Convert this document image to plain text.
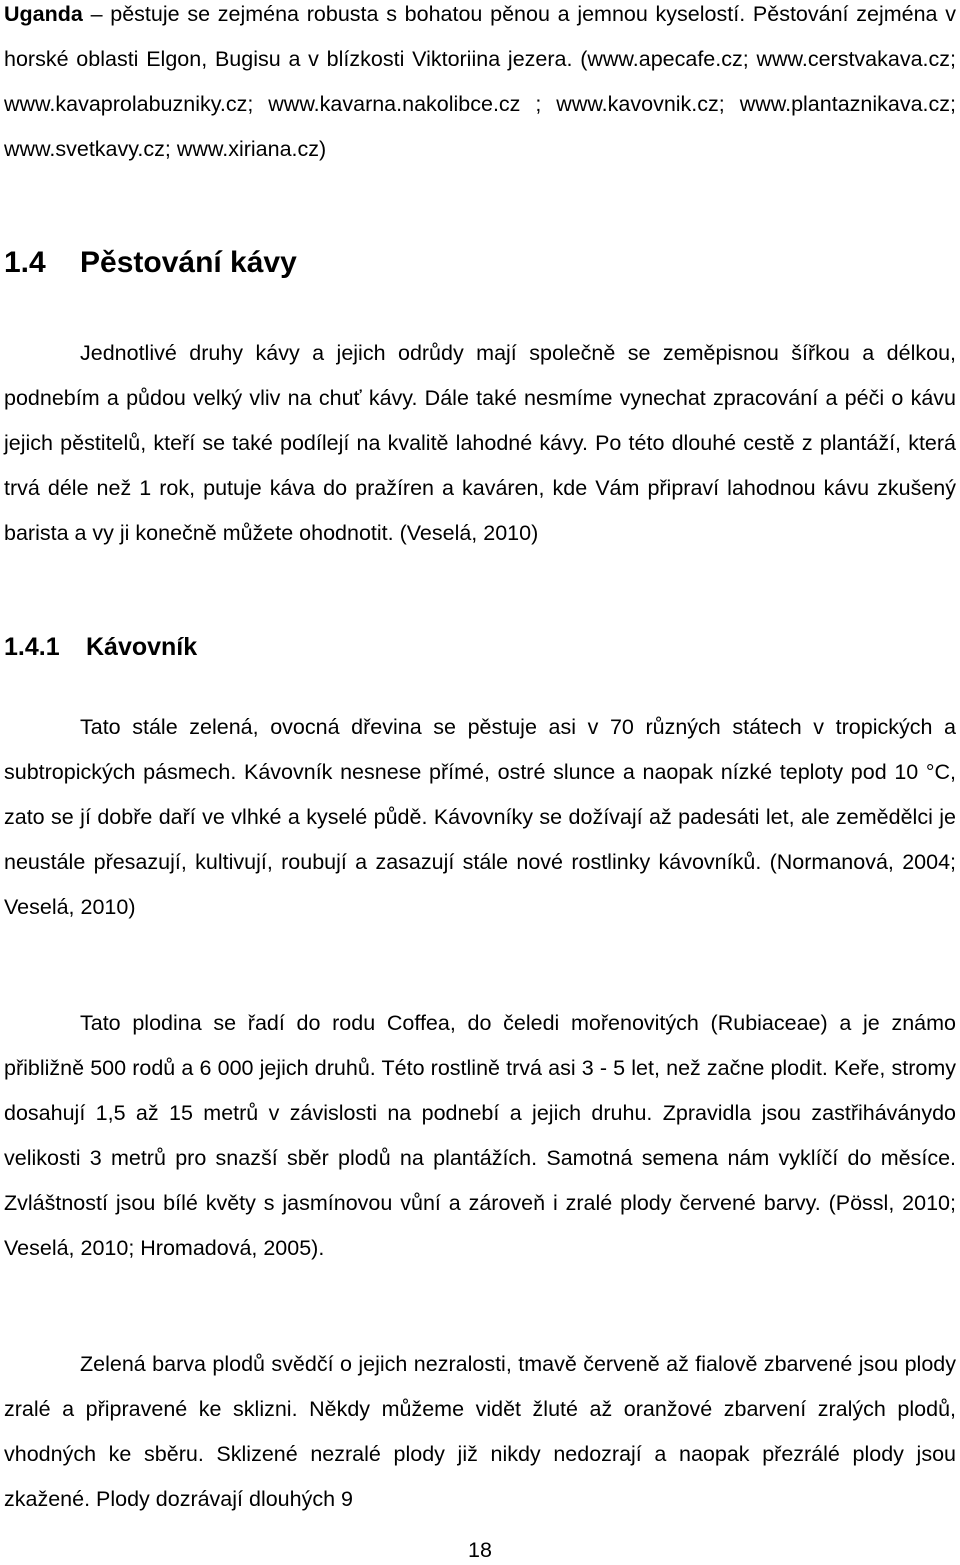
Uganda – pěstuje se zejména robusta s bohatou pěnou a jemnou kyselostí. Pěstování zejména v horské oblasti Elgon, Bugisu a v blízkosti Viktoriina jezera. (www.apecafe.cz; www.cerstvakava.cz; www.kavaprolabuzniky.cz; www.kavarna.nakolibce.cz ; www.kavovnik.cz; www.plantaznikava.cz; www.svetkavy.cz; www.xiriana.cz)

1.4 Pěstování kávy

Jednotlivé druhy kávy a jejich odrůdy mají společně se zeměpisnou šířkou a délkou, podnebím a půdou velký vliv na chuť kávy. Dále také nesmíme vynechat zpracování a péči o kávu jejich pěstitelů, kteří se také podílejí na kvalitě lahodné kávy. Po této dlouhé cestě z plantáží, která trvá déle než 1 rok, putuje káva do pražíren a kaváren, kde Vám připraví lahodnou kávu zkušený barista a vy ji konečně můžete ohodnotit. (Veselá, 2010)

1.4.1 Kávovník

Tato stále zelená, ovocná dřevina se pěstuje asi v 70 různých státech v tropických a subtropických pásmech. Kávovník nesnese přímé, ostré slunce a naopak nízké teploty pod 10 °C, zato se jí dobře daří ve vlhké a kyselé půdě. Kávovníky se dožívají až padesáti let, ale zemědělci je neustále přesazují, kultivují, roubují a zasazují stále nové rostlinky kávovníků. (Normanová, 2004; Veselá, 2010)

Tato plodina se řadí do rodu Coffea, do čeledi mořenovitých (Rubiaceae) a je známo přibližně 500 rodů a 6 000 jejich druhů. Této rostlině trvá asi 3 - 5 let, než začne plodit. Keře, stromy dosahují 1,5 až 15 metrů v závislosti na podnebí a jejich druhu. Zpravidla jsou zastřiháványdo velikosti 3 metrů pro snazší sběr plodů na plantážích. Samotná semena nám vyklíčí do měsíce. Zvláštností jsou bílé květy s jasmínovou vůní a zároveň i zralé plody červené barvy. (Pössl, 2010; Veselá, 2010; Hromadová, 2005).

Zelená barva plodů svědčí o jejich nezralosti, tmavě červeně až fialově zbarvené jsou plody zralé a připravené ke sklizni. Někdy můžeme vidět žluté až oranžové zbarvení zralých plodů, vhodných ke sběru. Sklizené nezralé plody již nikdy nedozrají a naopak přezrálé plody jsou zkažené. Plody dozrávají dlouhých 9

18
